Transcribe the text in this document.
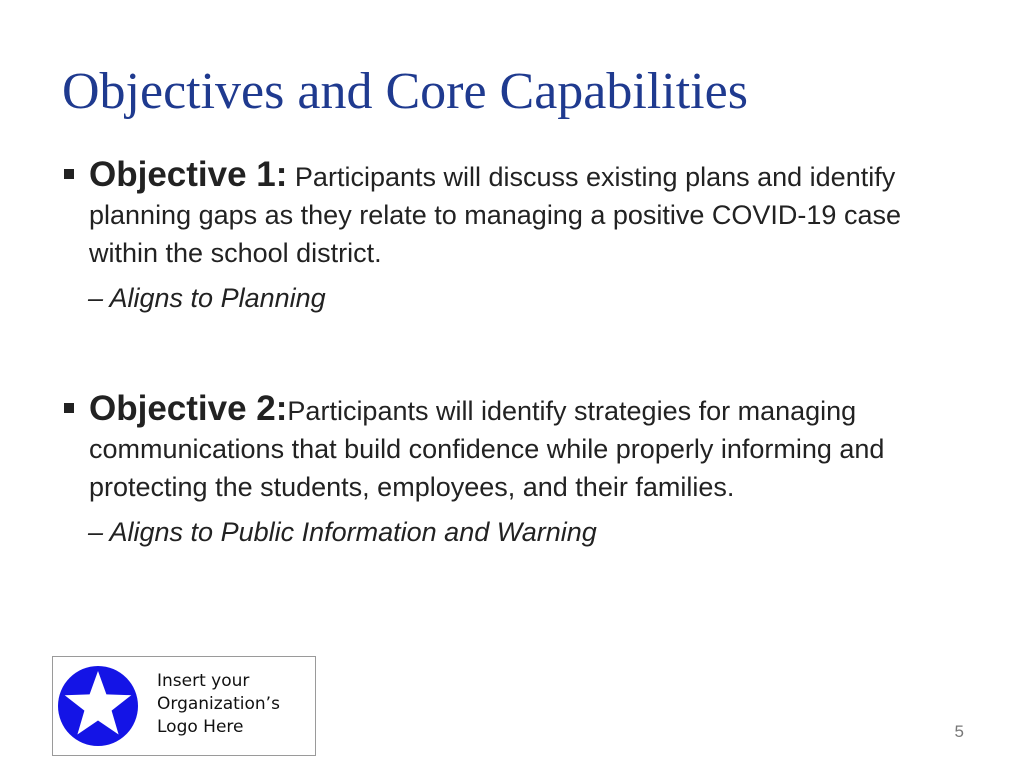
Objectives and Core Capabilities
Objective 1: Participants will discuss existing plans and identify planning gaps as they relate to managing a positive COVID-19 case within the school district.
– Aligns to Planning
Objective 2:Participants will identify strategies for managing communications that build confidence while properly informing and protecting the students, employees, and their families.
– Aligns to Public Information and Warning
Insert your
Organization’s
Logo Here	5
